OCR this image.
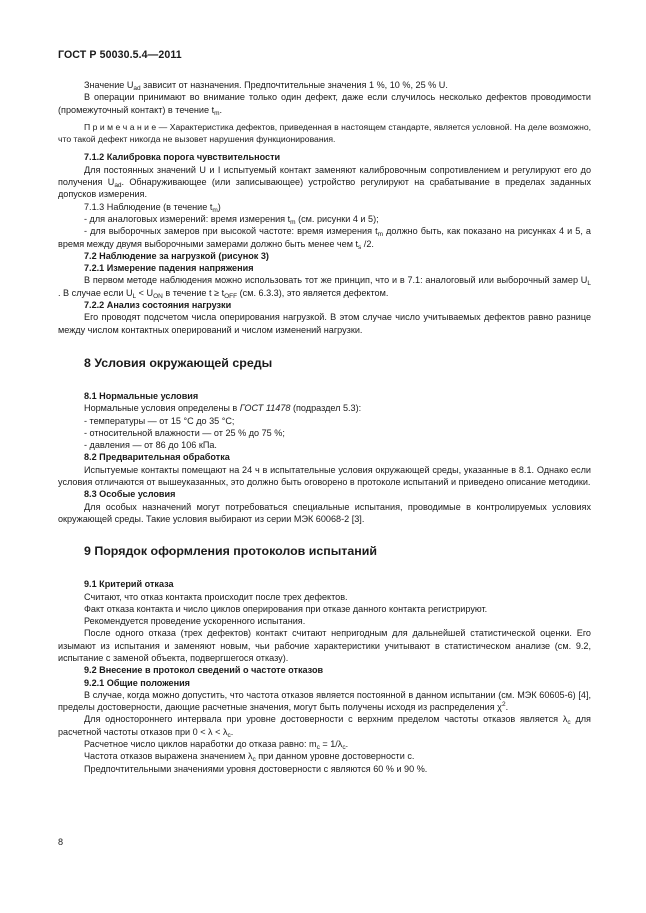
ГОСТ Р 50030.5.4—2011

Значение $U_{ad}$ зависит от назначения. Предпочтительные значения 1 %, 10 %, 25 % U.

В операции принимают во внимание только один дефект, даже если случилось несколько дефектов проводимости (промежуточный контакт) в течение $t_m$.

П р и м е ч а н и е — Характеристика дефектов, приведенная в настоящем стандарте, является условной. На деле возможно, что такой дефект никогда не вызовет нарушения функционирования.

7.1.2 Калибровка порога чувствительности

Для постоянных значений U и I испытуемый контакт заменяют калибровочным сопротивлением и регулируют его до получения $U_{ad}$. Обнаруживающее (или записывающее) устройство регулируют на срабатывание в пределах заданных допусков измерения.

7.1.3 Наблюдение (в течение $t_m$)

- для аналоговых измерений: время измерения $t_m$ (см. рисунки 4 и 5);

- для выборочных замеров при высокой частоте: время измерения $t_m$ должно быть, как показано на рисунках 4 и 5, а время между двумя выборочными замерами должно быть менее чем $t_s$ /2.

7.2 Наблюдение за нагрузкой (рисунок 3)

7.2.1 Измерение падения напряжения

В первом методе наблюдения можно использовать тот же принцип, что и в 7.1: аналоговый или выборочный замер $U_L$ . В случае если $U_L < U_{ON}$ в течение $t \ge t_{OFF}$ (см. 6.3.3), это является дефектом.

7.2.2 Анализ состояния нагрузки

Его проводят подсчетом числа оперирования нагрузкой. В этом случае число учитываемых дефектов равно разнице между числом контактных оперирований и числом изменений нагрузки.

8 Условия окружающей среды

8.1 Нормальные условия

Нормальные условия определены в ГОСТ 11478 (подраздел 5.3):

- температуры — от 15 °С до 35 °С;

- относительной влажности — от 25 % до 75 %;

- давления — от 86 до 106 кПа.

8.2 Предварительная обработка

Испытуемые контакты помещают на 24 ч в испытательные условия окружающей среды, указанные в 8.1. Однако если условия отличаются от вышеуказанных, это должно быть оговорено в протоколе испытаний и приведено описание методики.

8.3 Особые условия

Для особых назначений могут потребоваться специальные испытания, проводимые в контролируемых условиях окружающей среды. Такие условия выбирают из серии МЭК 60068-2 [3].

9 Порядок оформления протоколов испытаний

9.1 Критерий отказа

Считают, что отказ контакта происходит после трех дефектов.

Факт отказа контакта и число циклов оперирования при отказе данного контакта регистрируют.

Рекомендуется проведение ускоренного испытания.

После одного отказа (трех дефектов) контакт считают непригодным для дальнейшей статистической оценки. Его изымают из испытания и заменяют новым, чьи рабочие характеристики учитывают в статистическом анализе (см. 9.2, испытание с заменой объекта, подвергшегося отказу).

9.2 Внесение в протокол сведений о частоте отказов

9.2.1 Общие положения

В случае, когда можно допустить, что частота отказов является постоянной в данном испытании (см. МЭК 60605-6) [4], пределы достоверности, дающие расчетные значения, могут быть получены исходя из распределения $\chi^2$.

Для одностороннего интервала при уровне достоверности c верхним пределом частоты отказов является $\lambda_c$ для расчетной частоты отказов при $0 < \lambda < \lambda_c$.

Расчетное число циклов наработки до отказа равно: $m_c = 1/\lambda_c$.

Частота отказов выражена значением $\lambda_c$ при данном уровне достоверности c.

Предпочтительными значениями уровня достоверности c являются 60 % и 90 %.

8
